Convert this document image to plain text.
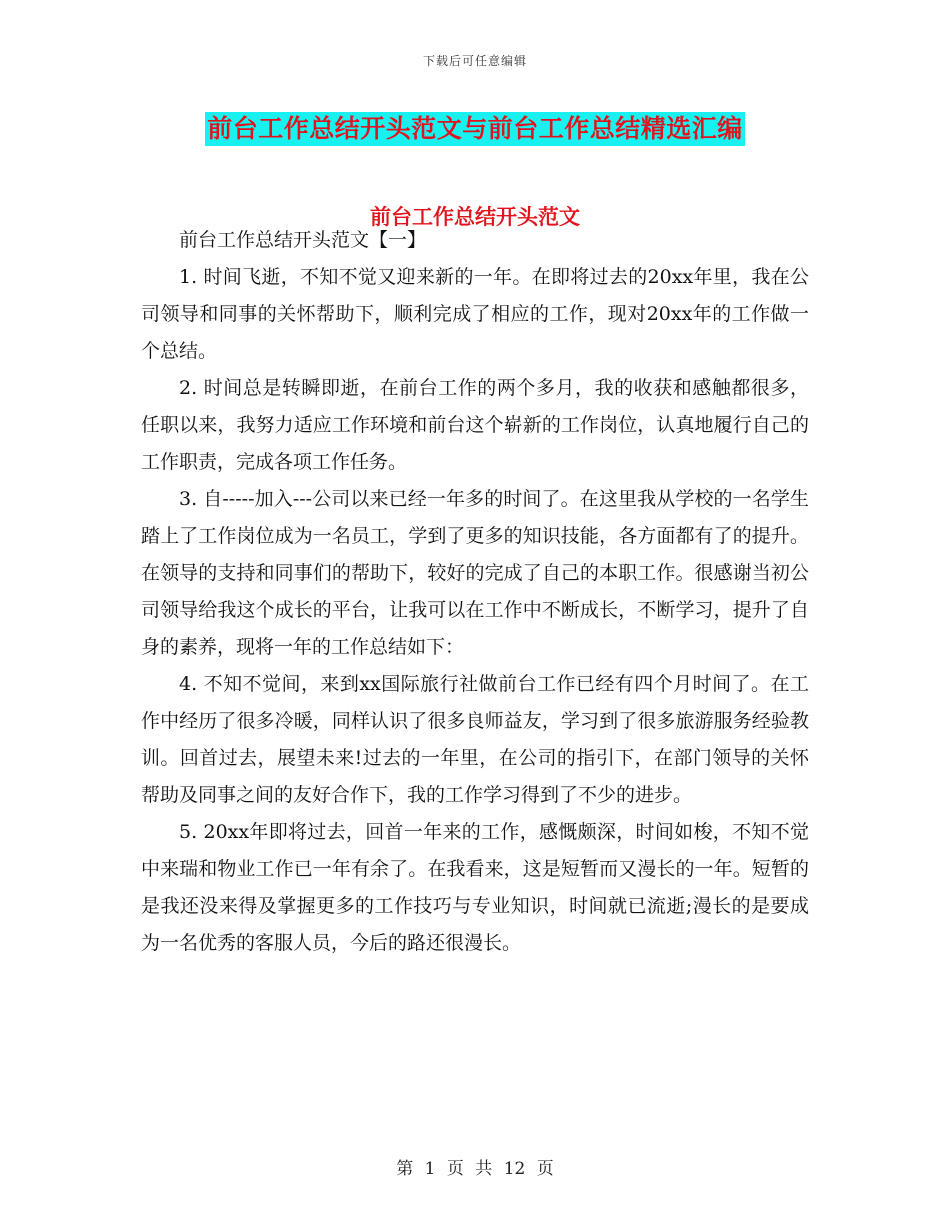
下载后可任意编辑
前台工作总结开头范文与前台工作总结精选汇编
前台工作总结开头范文

前台工作总结开头范文【一】

1. 时间飞逝，不知不觉又迎来新的一年。在即将过去的20xx年里，我在公司领导和同事的关怀帮助下，顺利完成了相应的工作，现对20xx年的工作做一个总结。

2. 时间总是转瞬即逝，在前台工作的两个多月，我的收获和感触都很多，任职以来，我努力适应工作环境和前台这个崭新的工作岗位，认真地履行自己的工作职责，完成各项工作任务。

3. 自-----加入---公司以来已经一年多的时间了。在这里我从学校的一名学生踏上了工作岗位成为一名员工，学到了更多的知识技能，各方面都有了的提升。在领导的支持和同事们的帮助下，较好的完成了自己的本职工作。很感谢当初公司领导给我这个成长的平台，让我可以在工作中不断成长，不断学习，提升了自身的素养，现将一年的工作总结如下：

4. 不知不觉间，来到xx国际旅行社做前台工作已经有四个月时间了。在工作中经历了很多冷暖，同样认识了很多良师益友，学习到了很多旅游服务经验教训。回首过去，展望未来!过去的一年里，在公司的指引下，在部门领导的关怀帮助及同事之间的友好合作下，我的工作学习得到了不少的进步。

5. 20xx年即将过去，回首一年来的工作，感慨颇深，时间如梭，不知不觉中来瑞和物业工作已一年有余了。在我看来，这是短暂而又漫长的一年。短暂的是我还没来得及掌握更多的工作技巧与专业知识，时间就已流逝;漫长的是要成为一名优秀的客服人员，今后的路还很漫长。

第 1 页 共 12 页
